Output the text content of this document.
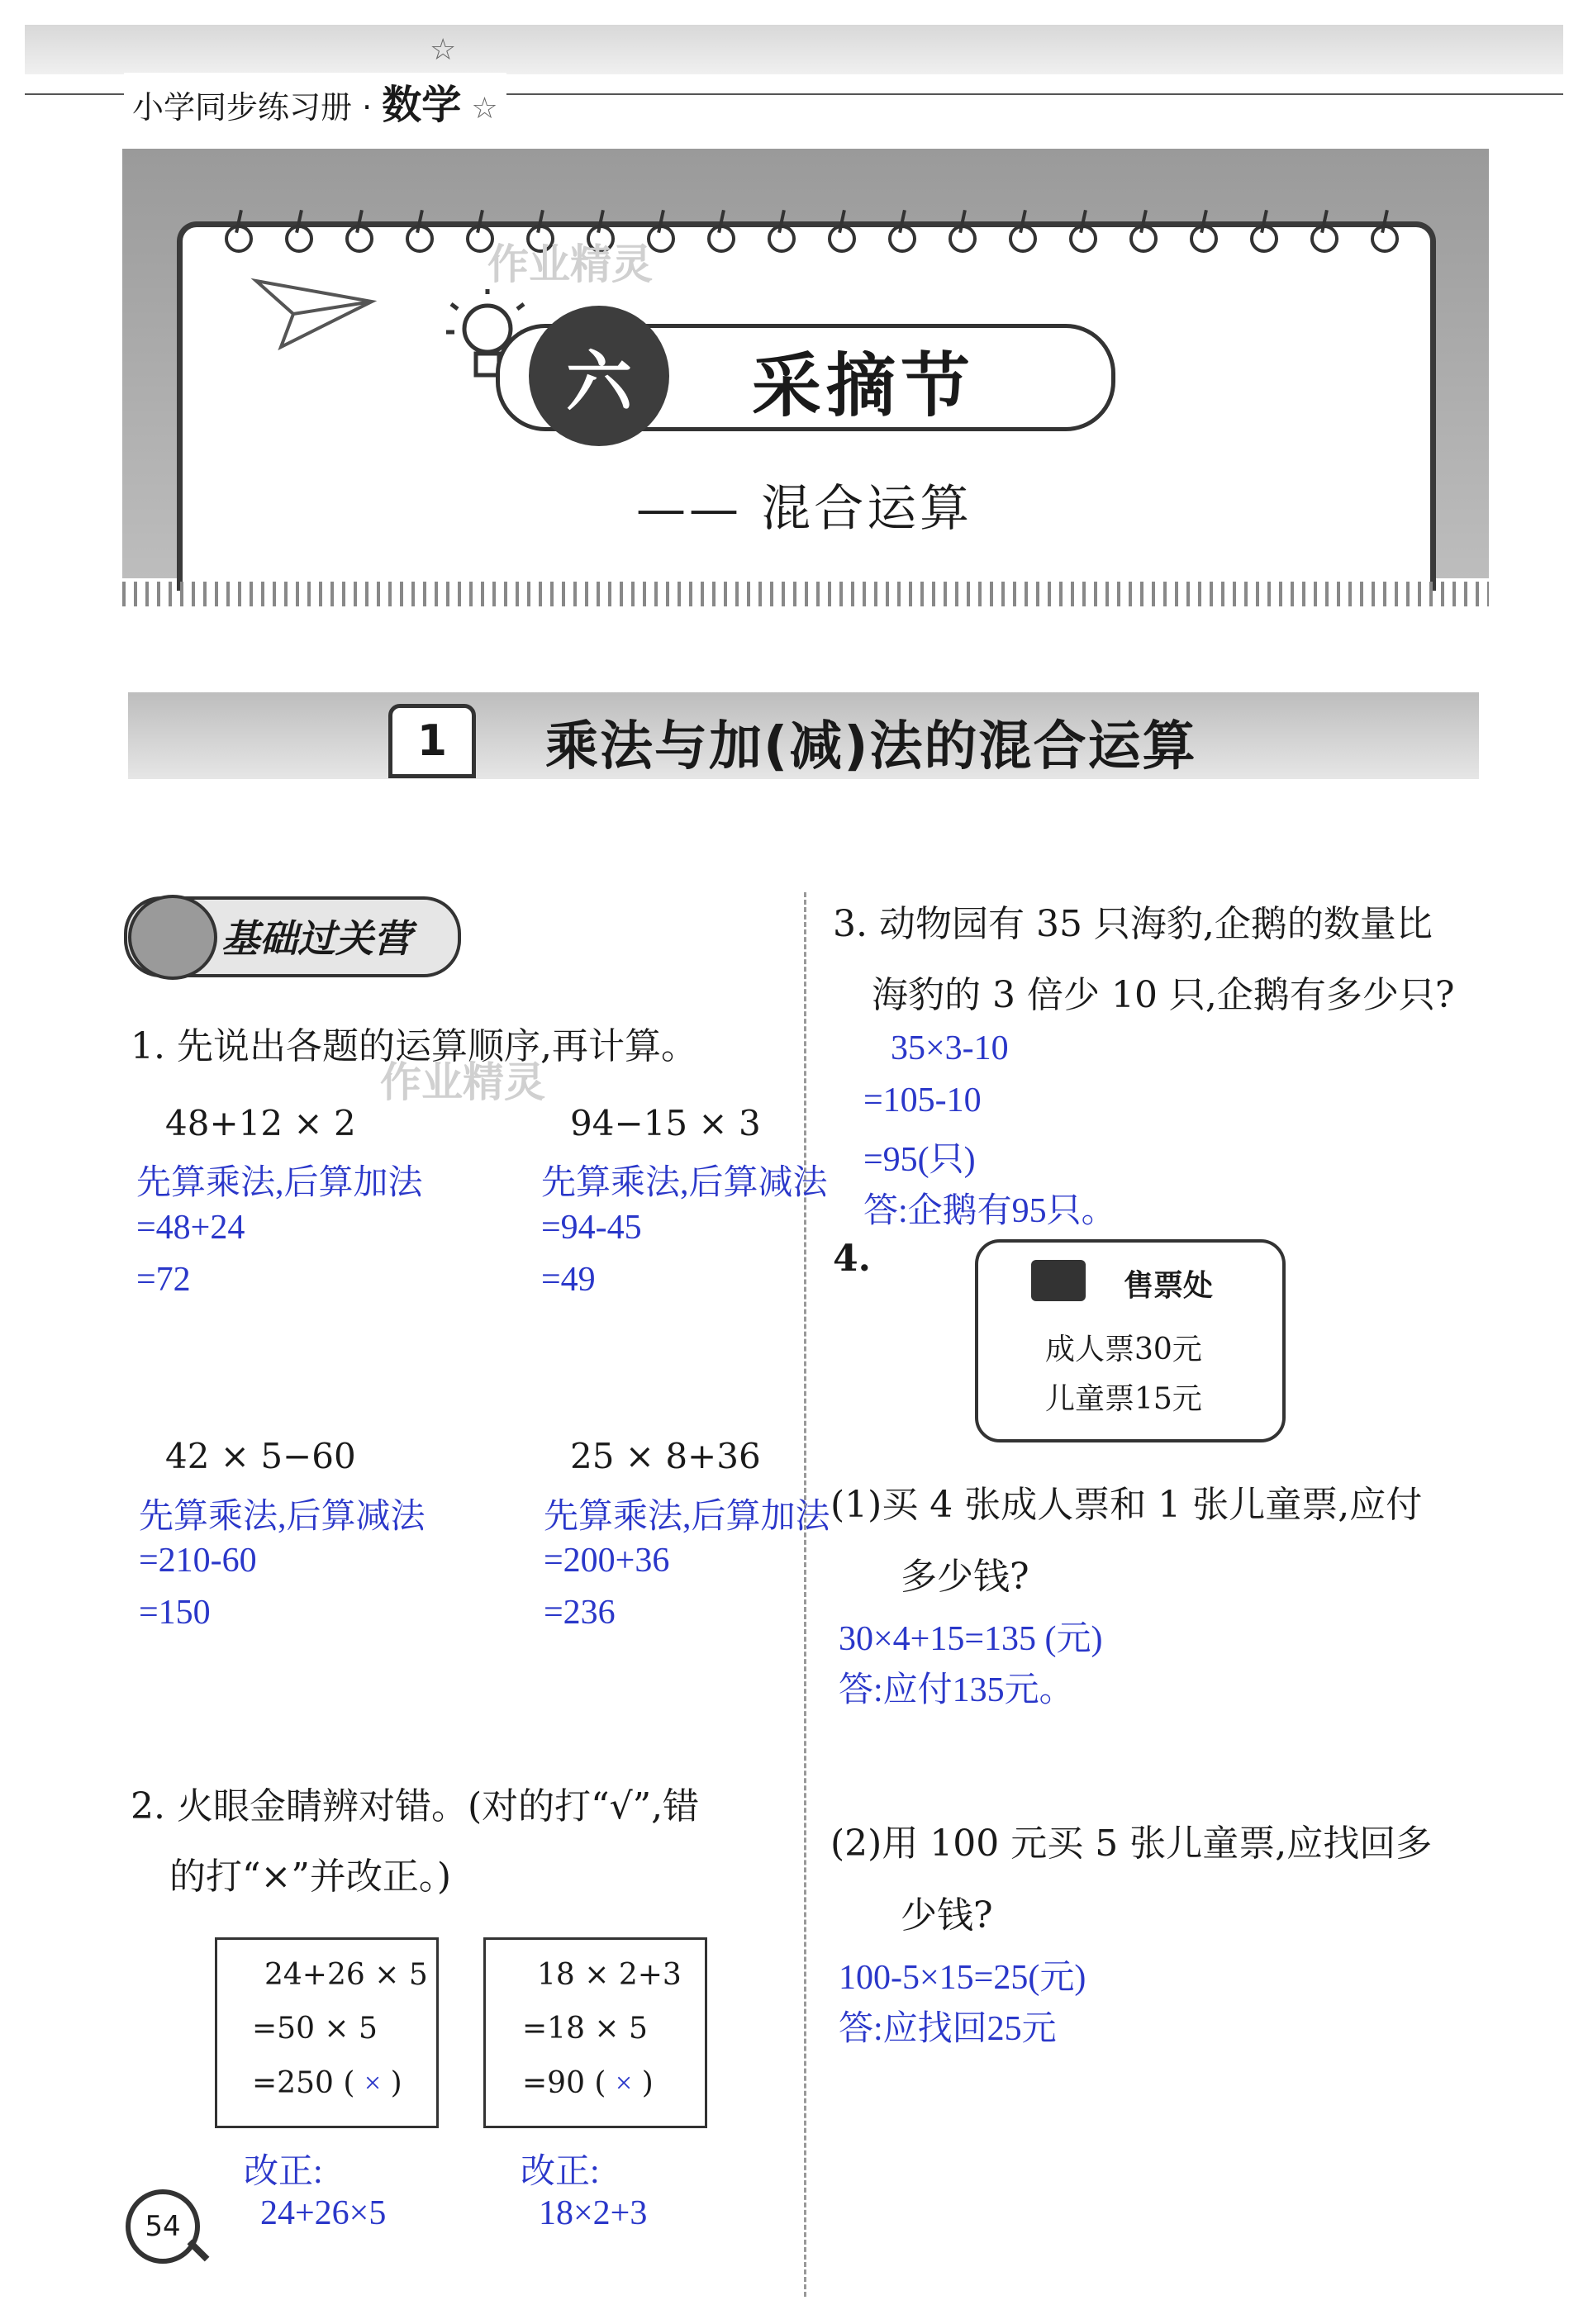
小学同步练习册 · 数学 ☆
☆
作业精灵
六	采摘节
—— 混合运算
1	乘法与加(减)法的混合运算
基础过关营
1. 先说出各题的运算顺序,再计算。
作业精灵
48+12 × 2
先算乘法,后算加法
=48+24
=72
94−15 × 3
先算乘法,后算减法
=94-45
=49
42 × 5−60
先算乘法,后算减法
=210-60
=150
25 × 8+36
先算乘法,后算加法
=200+36
=236
2. 火眼金睛辨对错。(对的打“√”,错
的打“×”并改正。)
24+26 × 5
=50 × 5
=250 ( × )
改正:
24+26×5
18 × 2+3
=18 × 5
=90 ( × )
改正:
18×2+3
3. 动物园有 35 只海豹,企鹅的数量比
海豹的 3 倍少 10 只,企鹅有多少只?
35×3-10
=105-10
=95(只)
答:企鹅有95只。
4.
售票处
成人票30元
儿童票15元
(1)买 4 张成人票和 1 张儿童票,应付
多少钱?
30×4+15=135 (元)
答:应付135元。
(2)用 100 元买 5 张儿童票,应找回多
少钱?
100-5×15=25(元)
答:应找回25元
54
